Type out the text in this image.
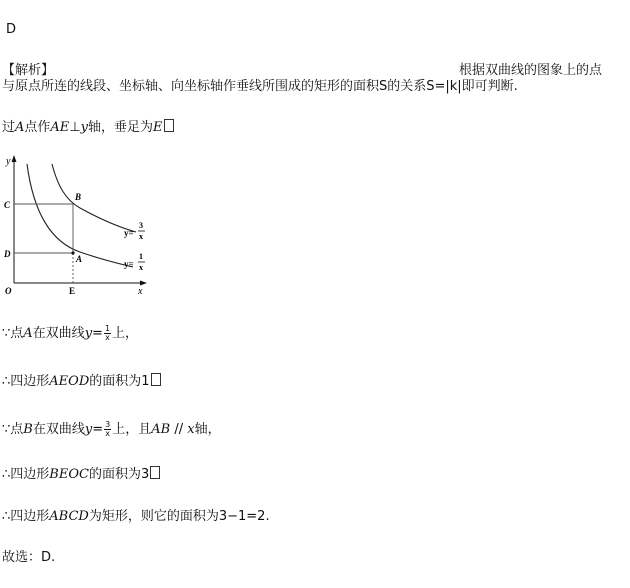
D
【解析】	根据双曲线的图象上的点
与原点所连的线段、坐标轴、向坐标轴作垂线所围成的矩形的面积S的关系S=|k|即可判断.
过A点作AE⊥y轴，垂足为E
y
x
O
C
D
B
A
E
y=
3
x
y=
1
x
∵点A在双曲线$y= \frac{1}{x}$ 上，
∴四边形AEOD的面积为1
∵点B在双曲线$y= \frac{3}{x}$ 上，且AB // x轴，
∴四边形BEOC的面积为3
∴四边形ABCD为矩形，则它的面积为3−1=2.
故选：D.
